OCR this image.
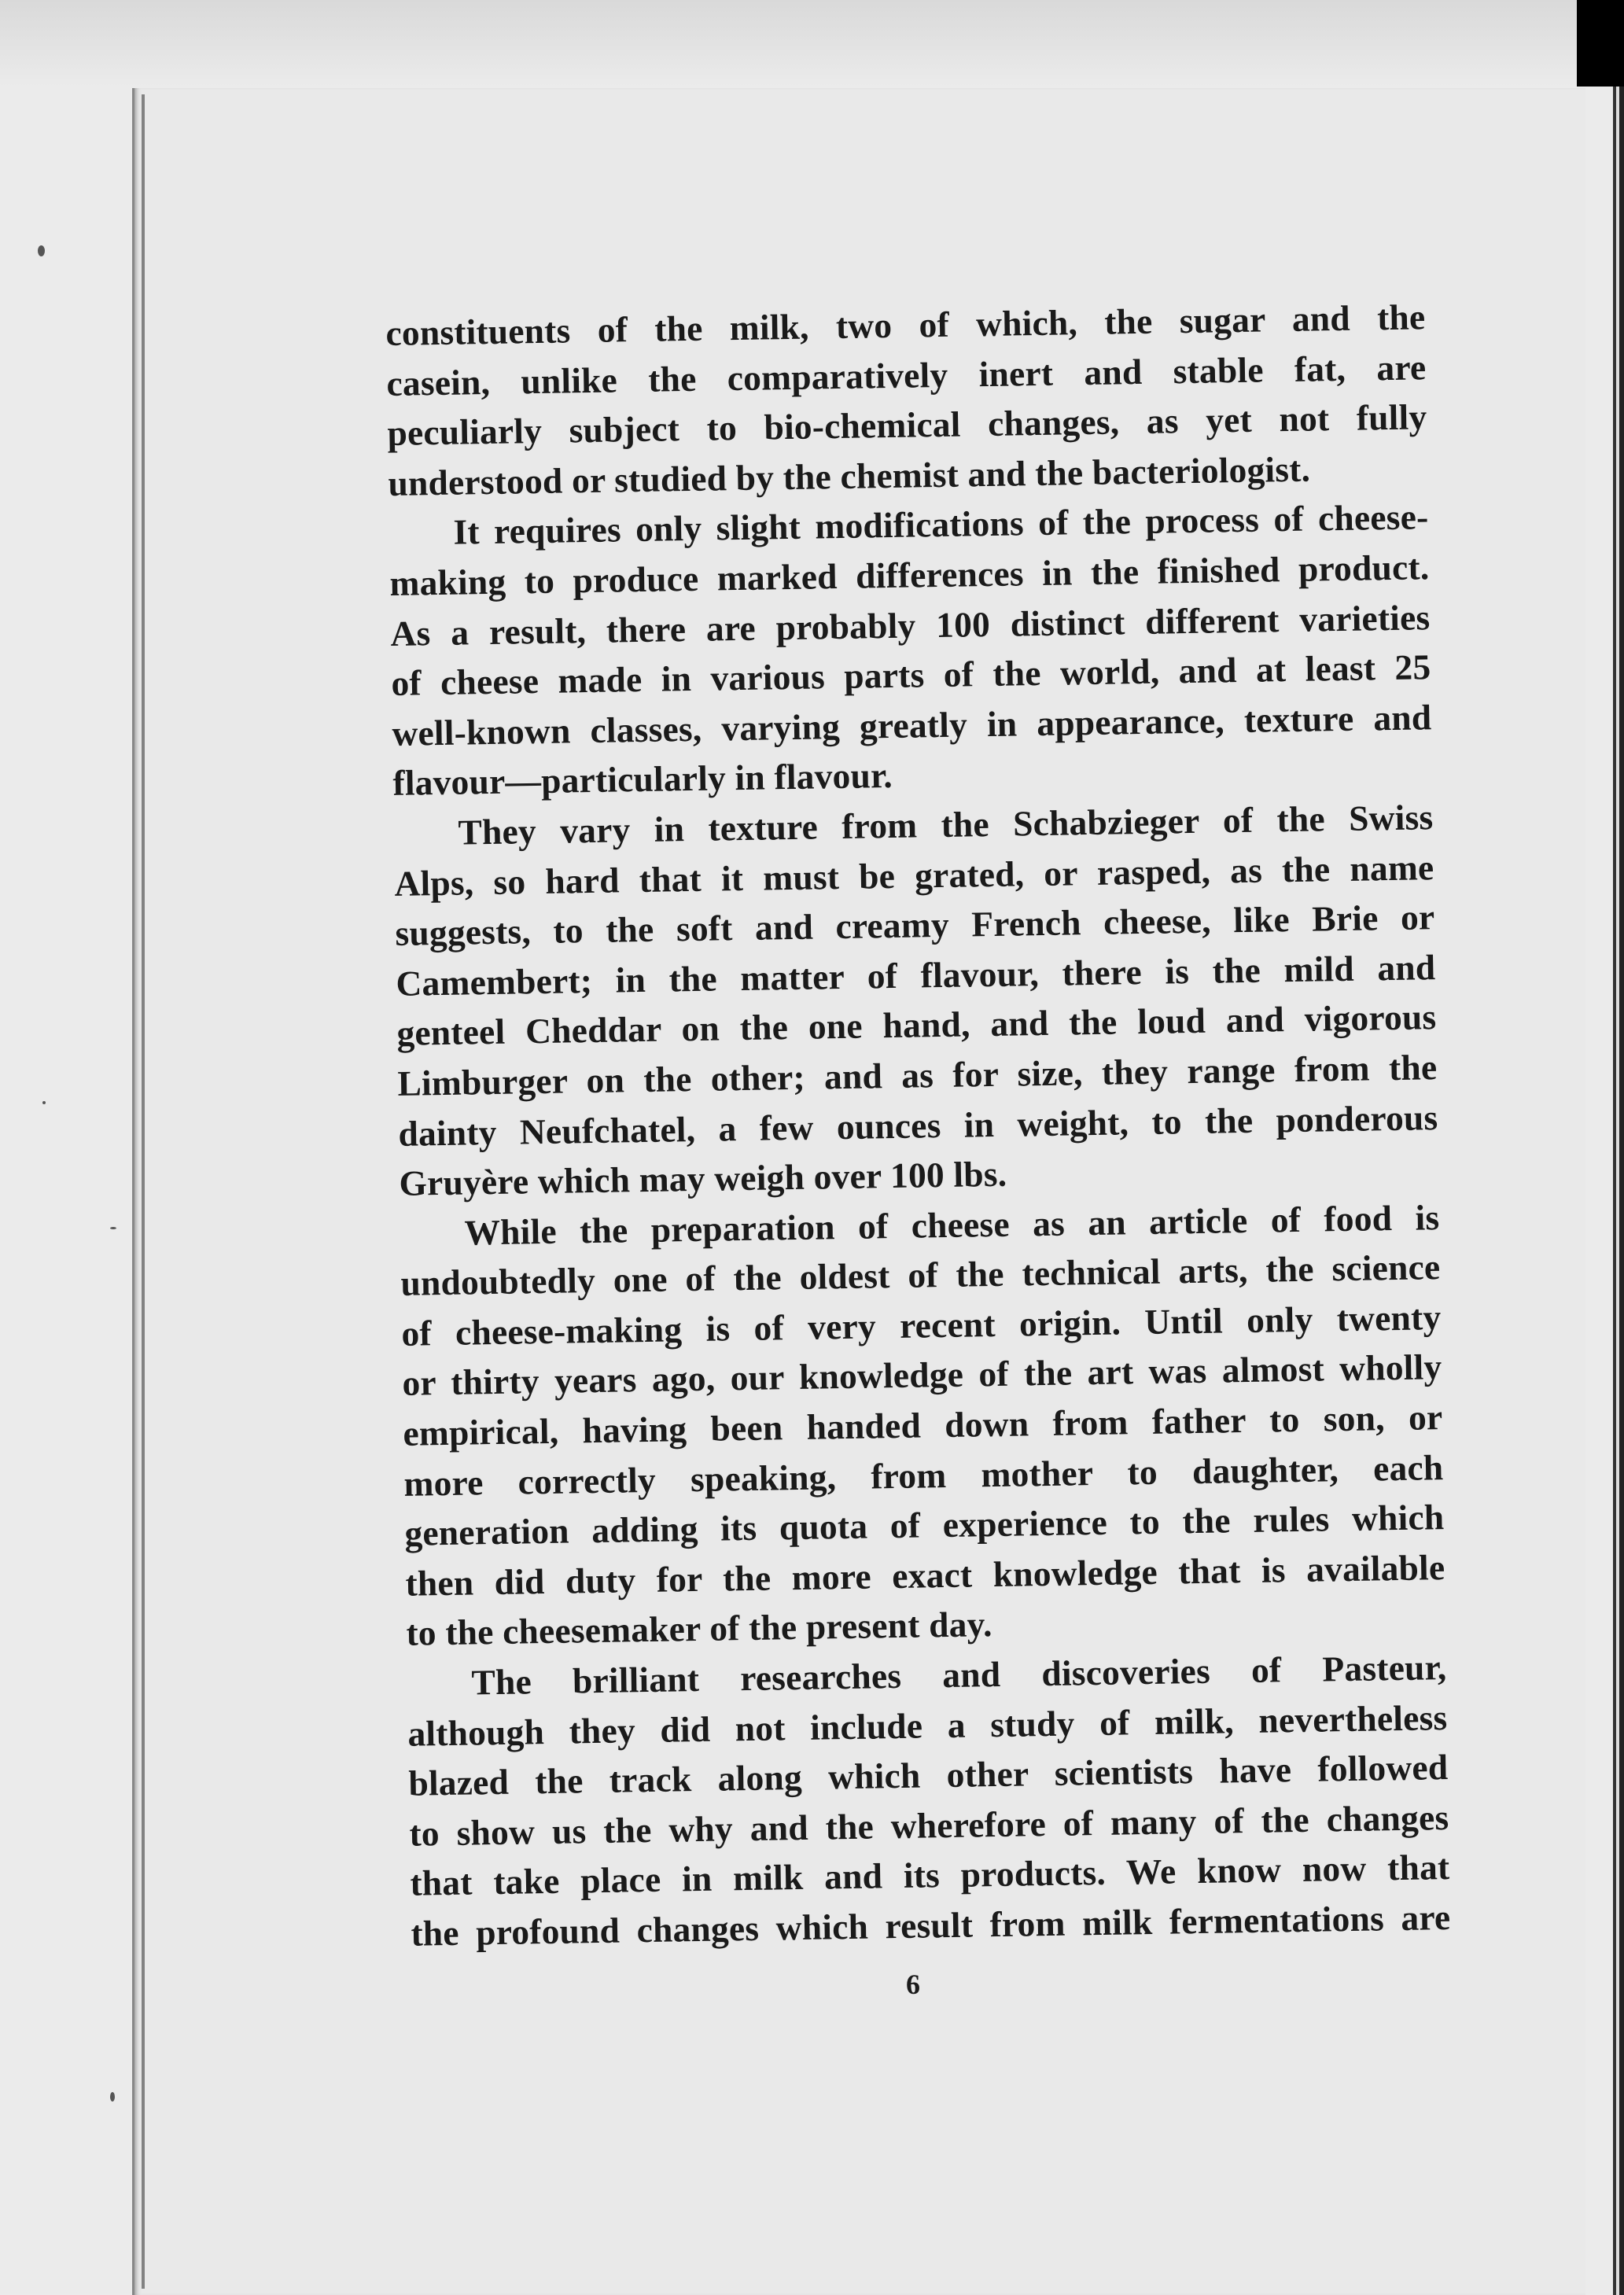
constituents of the milk, two of which, the sugar and the
casein, unlike the comparatively inert and stable fat, are
peculiarly subject to bio-chemical changes, as yet not fully
understood or studied by the chemist and the bacteriologist.
It requires only slight modifications of the process of cheese-
making to produce marked differences in the finished product.
As a result, there are probably 100 distinct different varieties
of cheese made in various parts of the world, and at least 25
well-known classes, varying greatly in appearance, texture and
flavour—particularly in flavour.
They vary in texture from the Schabzieger of the Swiss
Alps, so hard that it must be grated, or rasped, as the name
suggests, to the soft and creamy French cheese, like Brie or
Camembert; in the matter of flavour, there is the mild and
genteel Cheddar on the one hand, and the loud and vigorous
Limburger on the other; and as for size, they range from the
dainty Neufchatel, a few ounces in weight, to the ponderous
Gruyère which may weigh over 100 lbs.
While the preparation of cheese as an article of food is
undoubtedly one of the oldest of the technical arts, the science
of cheese-making is of very recent origin. Until only twenty
or thirty years ago, our knowledge of the art was almost wholly
empirical, having been handed down from father to son, or
more correctly speaking, from mother to daughter, each
generation adding its quota of experience to the rules which
then did duty for the more exact knowledge that is available
to the cheesemaker of the present day.
The brilliant researches and discoveries of Pasteur,
although they did not include a study of milk, nevertheless
blazed the track along which other scientists have followed
to show us the why and the wherefore of many of the changes
that take place in milk and its products. We know now that
the profound changes which result from milk fermentations are
6
